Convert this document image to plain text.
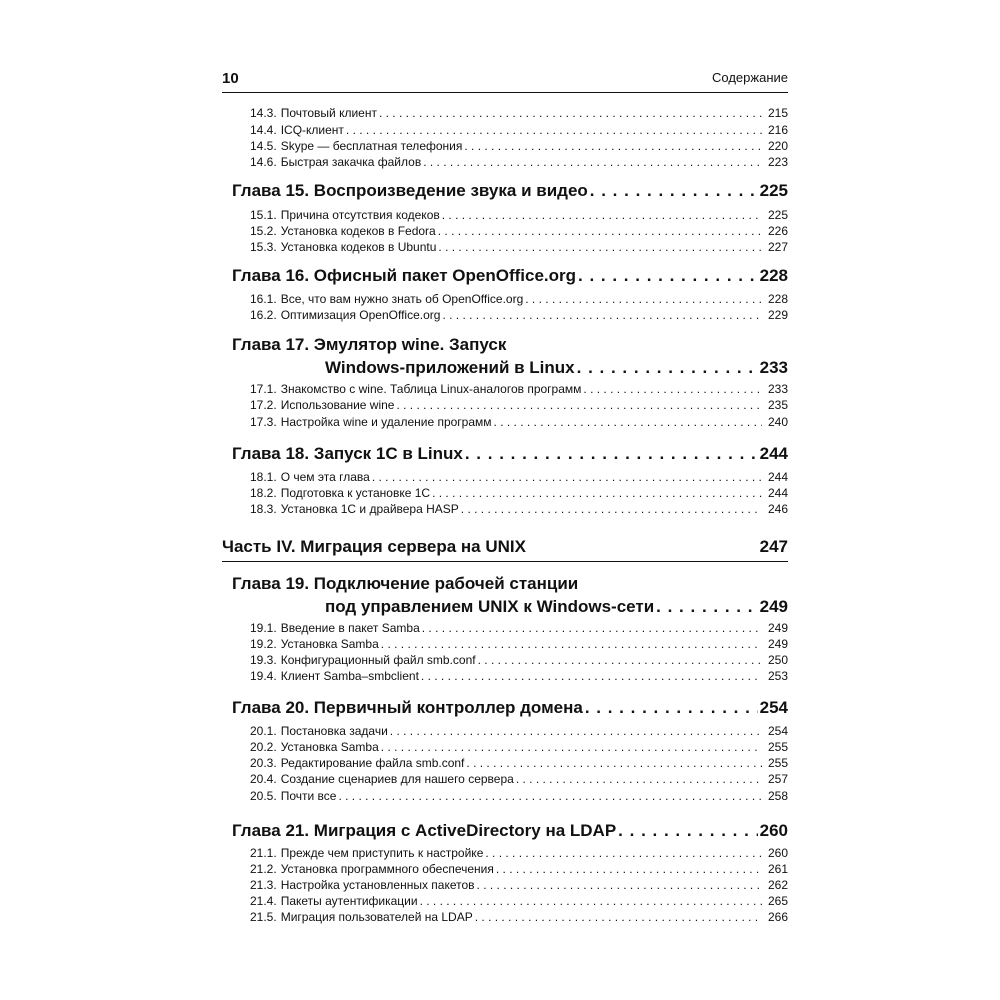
10	Содержание
14.3. Почтовый клиент . . .	215
14.4. ICQ-клиент . . .	216
14.5. Skype — бесплатная телефония . . .	220
14.6. Быстрая закачка файлов . . .	223
Глава 15. Воспроизведение звука и видео . . .	225
15.1. Причина отсутствия кодеков . . .	225
15.2. Установка кодеков в Fedora . . .	226
15.3. Установка кодеков в Ubuntu . . .	227
Глава 16. Офисный пакет OpenOffice.org . . .	228
16.1. Все, что вам нужно знать об OpenOffice.org . . .	228
16.2. Оптимизация OpenOffice.org . . .	229
Глава 17. Эмулятор wine. Запуск
Windows-приложений в Linux . . .	233
17.1. Знакомство с wine. Таблица Linux-аналогов программ . . .	233
17.2. Использование wine . . .	235
17.3. Настройка wine и удаление программ . . .	240
Глава 18. Запуск 1С в Linux . . .	244
18.1. О чем эта глава . . .	244
18.2. Подготовка к установке 1С . . .	244
18.3. Установка 1С и драйвера HASP . . .	246
Часть IV. Миграция сервера на UNIX	247
Глава 19. Подключение рабочей станции
под управлением UNIX к Windows-сети . . .	249
19.1. Введение в пакет Samba . . .	249
19.2. Установка Samba . . .	249
19.3. Конфигурационный файл smb.conf . . .	250
19.4. Клиент Samba–smbclient . . .	253
Глава 20. Первичный контроллер домена . . .	254
20.1. Постановка задачи . . .	254
20.2. Установка Samba . . .	255
20.3. Редактирование файла smb.conf . . .	255
20.4. Создание сценариев для нашего сервера . . .	257
20.5. Почти все . . .	258
Глава 21. Миграция с ActiveDirectory на LDAP . . .	260
21.1. Прежде чем приступить к настройке . . .	260
21.2. Установка программного обеспечения . . .	261
21.3. Настройка установленных пакетов . . .	262
21.4. Пакеты аутентификации . . .	265
21.5. Миграция пользователей на LDAP . . .	266
